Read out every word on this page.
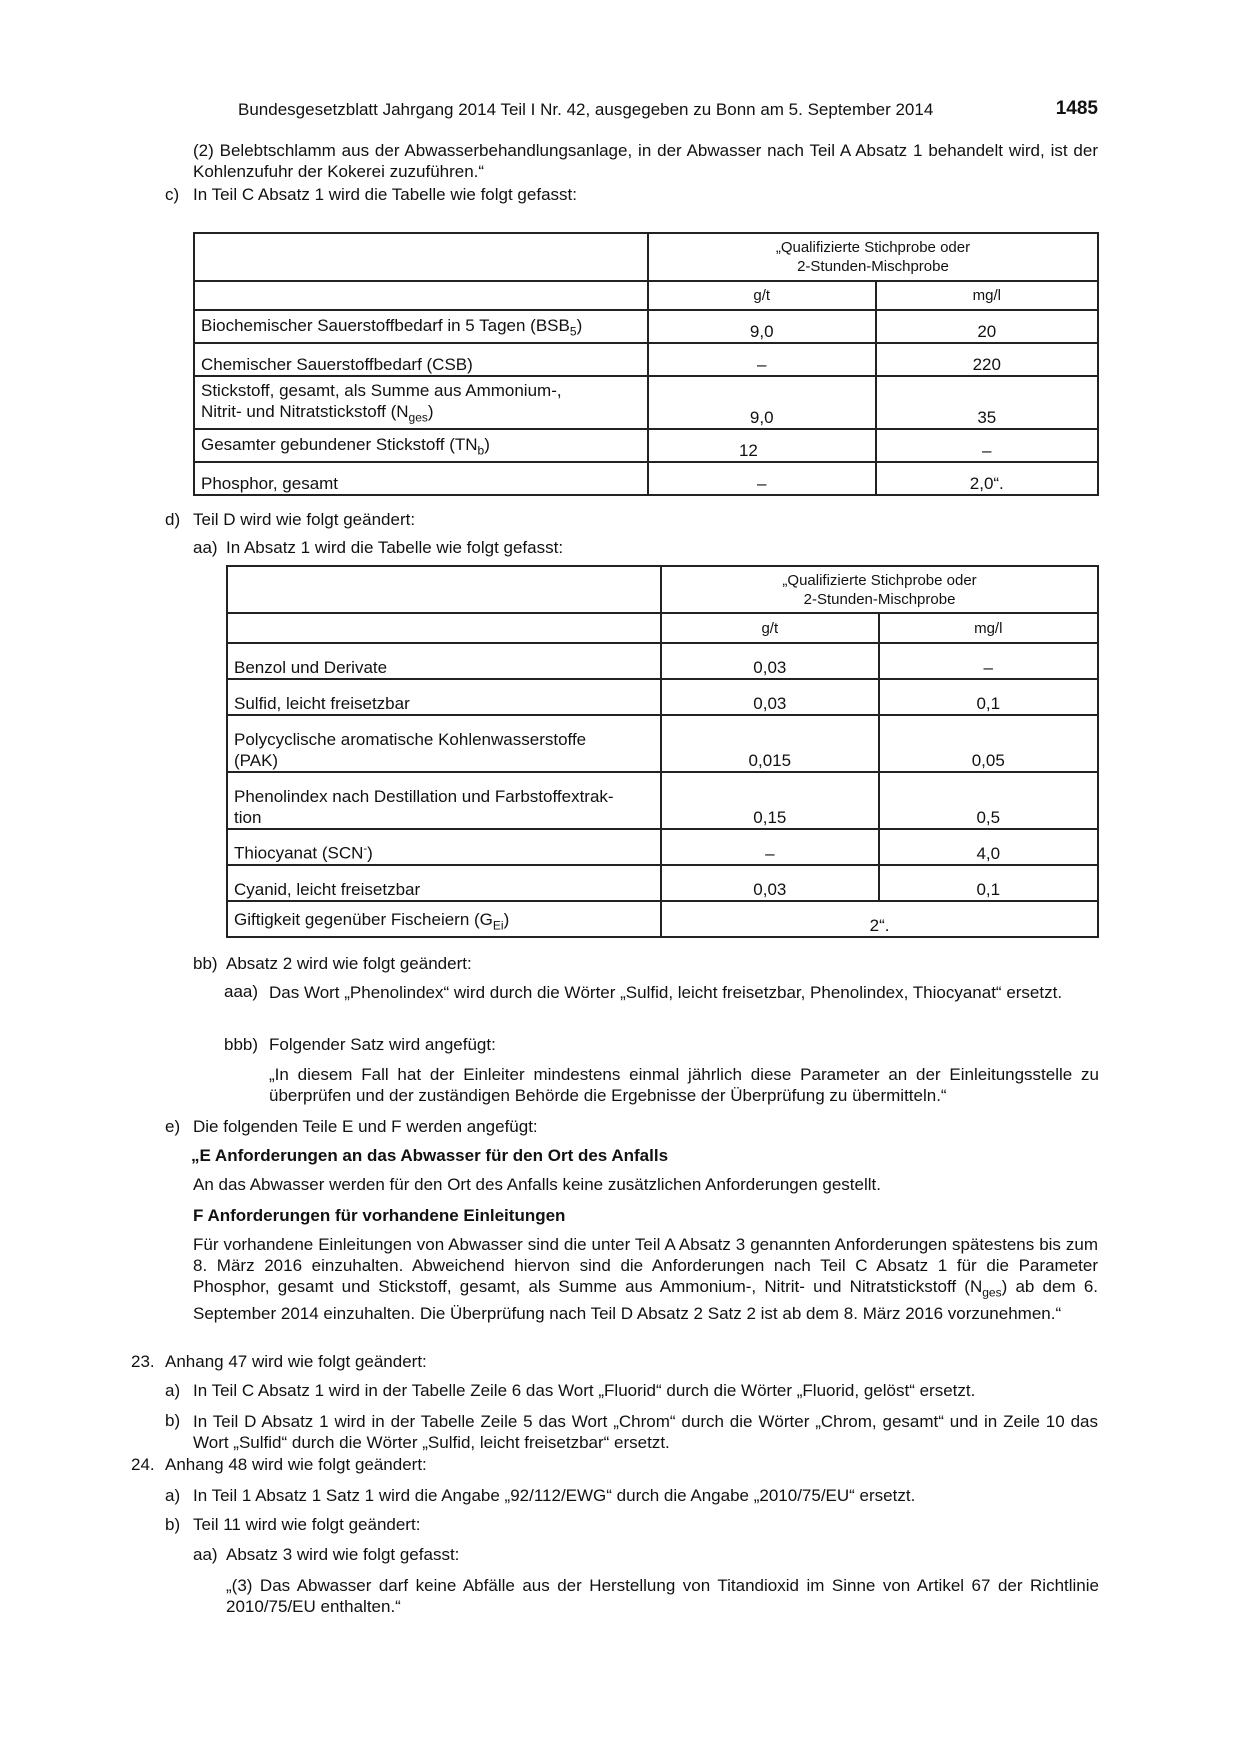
Bundesgesetzblatt Jahrgang 2014 Teil I Nr. 42, ausgegeben zu Bonn am 5. September 2014	1485
(2) Belebtschlamm aus der Abwasserbehandlungsanlage, in der Abwasser nach Teil A Absatz 1 behandelt wird, ist der Kohlenzufuhr der Kokerei zuzuführen.“
c) In Teil C Absatz 1 wird die Tabelle wie folgt gefasst:

	„Qualifizierte Stichprobe oder
2-Stunden-Mischprobe	

	g/t	mg/l
Biochemischer Sauerstoffbedarf in 5 Tagen $(BSB_5)$	9,0	20
Chemischer Sauerstoffbedarf (CSB)	–	220

Stickstoff, gesamt, als Summe aus Ammonium-,
Nitrit- und Nitratstickstoff $(N_{ges})$	9,0	35
Gesamter gebundener Stickstoff $(TN_b)$	12	–
Phosphor, gesamt	–	2,0“.
d) Teil D wird wie folgt geändert:
aa) In Absatz 1 wird die Tabelle wie folgt gefasst:

	„Qualifizierte Stichprobe oder
2-Stunden-Mischprobe	

	g/t	mg/l
Benzol und Derivate	0,03	–
Sulfid, leicht freisetzbar	0,03	0,1

Polycyclische aromatische Kohlenwasserstoffe
(PAK)	0,015	0,05

Phenolindex nach Destillation und Farbstoffextrak-
tion	0,15	0,5
Thiocyanat (SCN-)	–	4,0
Cyanid, leicht freisetzbar	0,03	0,1
Giftigkeit gegenüber Fischeiern $(G_{Ei})$	2“.	
bb) Absatz 2 wird wie folgt geändert:
aaa) Das Wort „Phenolindex“ wird durch die Wörter „Sulfid, leicht freisetzbar, Phenolindex, Thiocyanat“ ersetzt.
bbb) Folgender Satz wird angefügt:
„In diesem Fall hat der Einleiter mindestens einmal jährlich diese Parameter an der Einleitungsstelle zu überprüfen und der zuständigen Behörde die Ergebnisse der Überprüfung zu übermitteln.“
e) Die folgenden Teile E und F werden angefügt:
„E Anforderungen an das Abwasser für den Ort des Anfalls
An das Abwasser werden für den Ort des Anfalls keine zusätzlichen Anforderungen gestellt.
F Anforderungen für vorhandene Einleitungen
Für vorhandene Einleitungen von Abwasser sind die unter Teil A Absatz 3 genannten Anforderungen spätestens bis zum 8. März 2016 einzuhalten. Abweichend hiervon sind die Anforderungen nach Teil C Absatz 1 für die Parameter Phosphor, gesamt und Stickstoff, gesamt, als Summe aus Ammonium-, Nitrit- und Nitratstickstoff $(N_{ges})$ ab dem 6. September 2014 einzuhalten. Die Überprüfung nach Teil D Absatz 2 Satz 2 ist ab dem 8. März 2016 vorzunehmen.“
23. Anhang 47 wird wie folgt geändert:
a) In Teil C Absatz 1 wird in der Tabelle Zeile 6 das Wort „Fluorid“ durch die Wörter „Fluorid, gelöst“ ersetzt.
b) In Teil D Absatz 1 wird in der Tabelle Zeile 5 das Wort „Chrom“ durch die Wörter „Chrom, gesamt“ und in Zeile 10 das Wort „Sulfid“ durch die Wörter „Sulfid, leicht freisetzbar“ ersetzt.
24. Anhang 48 wird wie folgt geändert:
a) In Teil 1 Absatz 1 Satz 1 wird die Angabe „92/112/EWG“ durch die Angabe „2010/75/EU“ ersetzt.
b) Teil 11 wird wie folgt geändert:
aa) Absatz 3 wird wie folgt gefasst:
„(3) Das Abwasser darf keine Abfälle aus der Herstellung von Titandioxid im Sinne von Artikel 67 der Richtlinie 2010/75/EU enthalten.“
